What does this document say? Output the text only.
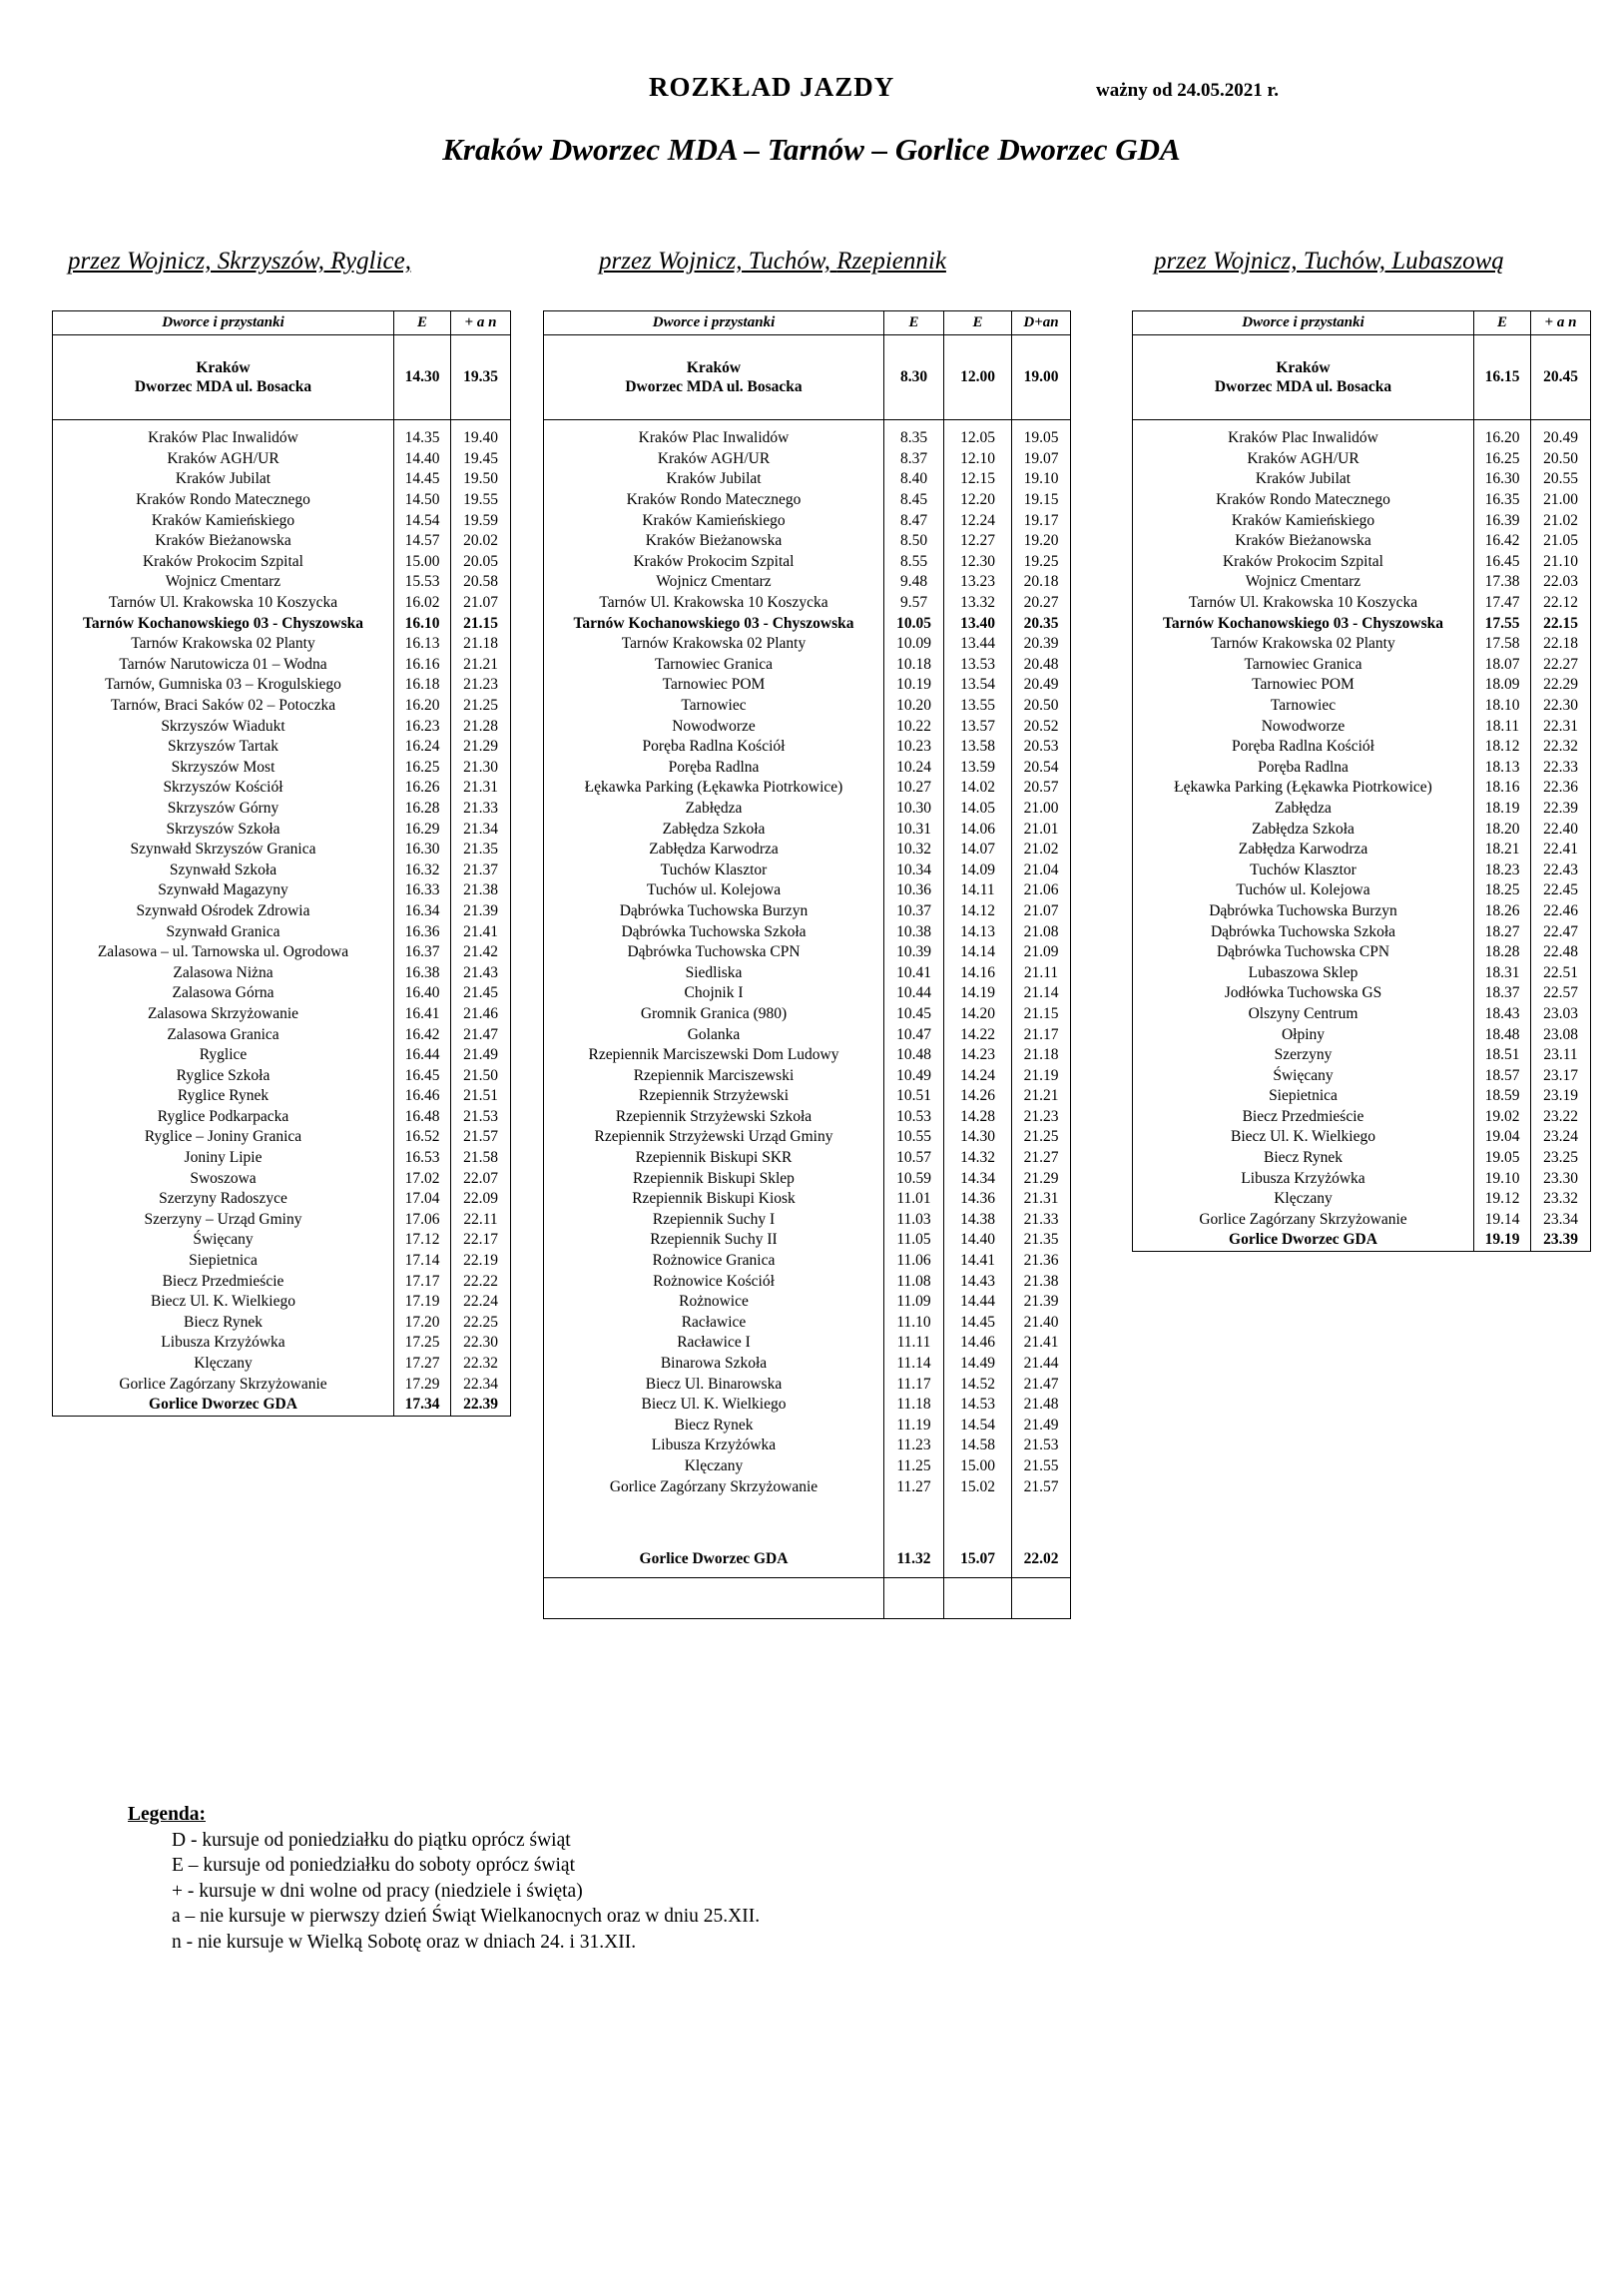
ROZKŁAD JAZDY	ważny od 24.05.2021 r.
Kraków Dworzec MDA – Tarnów – Gorlice Dworzec GDA
przez Wojnicz, Skrzyszów, Ryglice,	przez Wojnicz, Tuchów, Rzepiennik	przez Wojnicz, Tuchów, Lubaszową
Dworce i przystanki	E	+ a n

Kraków
Dworzec MDA ul. Bosacka	14.30	19.35

Kraków Plac Inwalidów	14.35	19.40
Kraków AGH/UR	14.40	19.45
Kraków Jubilat	14.45	19.50
Kraków Rondo Matecznego	14.50	19.55
Kraków Kamieńskiego	14.54	19.59
Kraków Bieżanowska	14.57	20.02
Kraków Prokocim Szpital	15.00	20.05
Wojnicz Cmentarz	15.53	20.58
Tarnów Ul. Krakowska 10 Koszycka	16.02	21.07
Tarnów Kochanowskiego 03 - Chyszowska	16.10	21.15
Tarnów Krakowska 02 Planty	16.13	21.18
Tarnów Narutowicza 01 – Wodna	16.16	21.21
Tarnów, Gumniska 03 – Krogulskiego	16.18	21.23
Tarnów, Braci Saków 02 – Potoczka	16.20	21.25
Skrzyszów Wiadukt	16.23	21.28
Skrzyszów Tartak	16.24	21.29
Skrzyszów Most	16.25	21.30
Skrzyszów Kościół	16.26	21.31
Skrzyszów Górny	16.28	21.33
Skrzyszów Szkoła	16.29	21.34
Szynwałd Skrzyszów Granica	16.30	21.35
Szynwałd Szkoła	16.32	21.37
Szynwałd Magazyny	16.33	21.38
Szynwałd Ośrodek Zdrowia	16.34	21.39
Szynwałd Granica	16.36	21.41
Zalasowa – ul. Tarnowska ul. Ogrodowa	16.37	21.42
Zalasowa Niżna	16.38	21.43
Zalasowa Górna	16.40	21.45
Zalasowa Skrzyżowanie	16.41	21.46
Zalasowa Granica	16.42	21.47
Ryglice	16.44	21.49
Ryglice Szkoła	16.45	21.50
Ryglice Rynek	16.46	21.51
Ryglice Podkarpacka	16.48	21.53
Ryglice – Joniny Granica	16.52	21.57
Joniny Lipie	16.53	21.58
Swoszowa	17.02	22.07
Szerzyny Radoszyce	17.04	22.09
Szerzyny – Urząd Gminy	17.06	22.11
Święcany	17.12	22.17
Siepietnica	17.14	22.19
Biecz Przedmieście	17.17	22.22
Biecz Ul. K. Wielkiego	17.19	22.24
Biecz Rynek	17.20	22.25
Libusza Krzyżówka	17.25	22.30
Klęczany	17.27	22.32
Gorlice Zagórzany Skrzyżowanie	17.29	22.34
Gorlice Dworzec GDA	17.34	22.39
Dworce i przystanki	E	E	D+an

Kraków
Dworzec MDA ul. Bosacka	8.30	12.00	19.00

Kraków Plac Inwalidów	8.35	12.05	19.05
Kraków AGH/UR	8.37	12.10	19.07
Kraków Jubilat	8.40	12.15	19.10
Kraków Rondo Matecznego	8.45	12.20	19.15
Kraków Kamieńskiego	8.47	12.24	19.17
Kraków Bieżanowska	8.50	12.27	19.20
Kraków Prokocim Szpital	8.55	12.30	19.25
Wojnicz Cmentarz	9.48	13.23	20.18
Tarnów Ul. Krakowska 10 Koszycka	9.57	13.32	20.27
Tarnów Kochanowskiego 03 - Chyszowska	10.05	13.40	20.35
Tarnów Krakowska 02 Planty	10.09	13.44	20.39
Tarnowiec Granica	10.18	13.53	20.48
Tarnowiec POM	10.19	13.54	20.49
Tarnowiec	10.20	13.55	20.50
Nowodworze	10.22	13.57	20.52
Poręba Radlna Kościół	10.23	13.58	20.53
Poręba Radlna	10.24	13.59	20.54
Łękawka Parking (Łękawka Piotrkowice)	10.27	14.02	20.57
Zabłędza	10.30	14.05	21.00
Zabłędza Szkoła	10.31	14.06	21.01
Zabłędza Karwodrza	10.32	14.07	21.02
Tuchów Klasztor	10.34	14.09	21.04
Tuchów ul. Kolejowa	10.36	14.11	21.06
Dąbrówka Tuchowska Burzyn	10.37	14.12	21.07
Dąbrówka Tuchowska Szkoła	10.38	14.13	21.08
Dąbrówka Tuchowska CPN	10.39	14.14	21.09
Siedliska	10.41	14.16	21.11
Chojnik I	10.44	14.19	21.14
Gromnik Granica (980)	10.45	14.20	21.15
Golanka	10.47	14.22	21.17
Rzepiennik Marciszewski Dom Ludowy	10.48	14.23	21.18
Rzepiennik Marciszewski	10.49	14.24	21.19
Rzepiennik Strzyżewski	10.51	14.26	21.21
Rzepiennik Strzyżewski Szkoła	10.53	14.28	21.23
Rzepiennik Strzyżewski Urząd Gminy	10.55	14.30	21.25
Rzepiennik Biskupi SKR	10.57	14.32	21.27
Rzepiennik Biskupi Sklep	10.59	14.34	21.29
Rzepiennik Biskupi Kiosk	11.01	14.36	21.31
Rzepiennik Suchy I	11.03	14.38	21.33
Rzepiennik Suchy II	11.05	14.40	21.35
Rożnowice Granica	11.06	14.41	21.36
Rożnowice Kościół	11.08	14.43	21.38
Rożnowice	11.09	14.44	21.39
Racławice	11.10	14.45	21.40
Racławice I	11.11	14.46	21.41
Binarowa Szkoła	11.14	14.49	21.44
Biecz Ul. Binarowska	11.17	14.52	21.47
Biecz Ul. K. Wielkiego	11.18	14.53	21.48
Biecz Rynek	11.19	14.54	21.49
Libusza Krzyżówka	11.23	14.58	21.53
Klęczany	11.25	15.00	21.55
Gorlice Zagórzany Skrzyżowanie	11.27	15.02	21.57

Gorlice Dworzec GDA	11.32	15.07	22.02

Dworce i przystanki	E	+ a n

Kraków
Dworzec MDA ul. Bosacka	16.15	20.45

Kraków Plac Inwalidów	16.20	20.49
Kraków AGH/UR	16.25	20.50
Kraków Jubilat	16.30	20.55
Kraków Rondo Matecznego	16.35	21.00
Kraków Kamieńskiego	16.39	21.02
Kraków Bieżanowska	16.42	21.05
Kraków Prokocim Szpital	16.45	21.10
Wojnicz Cmentarz	17.38	22.03
Tarnów Ul. Krakowska 10 Koszycka	17.47	22.12
Tarnów Kochanowskiego 03 - Chyszowska	17.55	22.15
Tarnów Krakowska 02 Planty	17.58	22.18
Tarnowiec Granica	18.07	22.27
Tarnowiec POM	18.09	22.29
Tarnowiec	18.10	22.30
Nowodworze	18.11	22.31
Poręba Radlna Kościół	18.12	22.32
Poręba Radlna	18.13	22.33
Łękawka Parking (Łękawka Piotrkowice)	18.16	22.36
Zabłędza	18.19	22.39
Zabłędza Szkoła	18.20	22.40
Zabłędza Karwodrza	18.21	22.41
Tuchów Klasztor	18.23	22.43
Tuchów ul. Kolejowa	18.25	22.45
Dąbrówka Tuchowska Burzyn	18.26	22.46
Dąbrówka Tuchowska Szkoła	18.27	22.47
Dąbrówka Tuchowska CPN	18.28	22.48
Lubaszowa Sklep	18.31	22.51
Jodłówka Tuchowska GS	18.37	22.57
Olszyny Centrum	18.43	23.03
Ołpiny	18.48	23.08
Szerzyny	18.51	23.11
Święcany	18.57	23.17
Siepietnica	18.59	23.19
Biecz Przedmieście	19.02	23.22
Biecz Ul. K. Wielkiego	19.04	23.24
Biecz Rynek	19.05	23.25
Libusza Krzyżówka	19.10	23.30
Klęczany	19.12	23.32
Gorlice Zagórzany Skrzyżowanie	19.14	23.34
Gorlice Dworzec GDA	19.19	23.39
Legenda:
D - kursuje od poniedziałku do piątku oprócz świąt
E – kursuje od poniedziałku do soboty oprócz świąt
+ - kursuje w dni wolne od pracy (niedziele i święta)
a – nie kursuje w pierwszy dzień Świąt Wielkanocnych oraz w dniu 25.XII.
n - nie kursuje w Wielką Sobotę oraz w dniach 24. i 31.XII.
